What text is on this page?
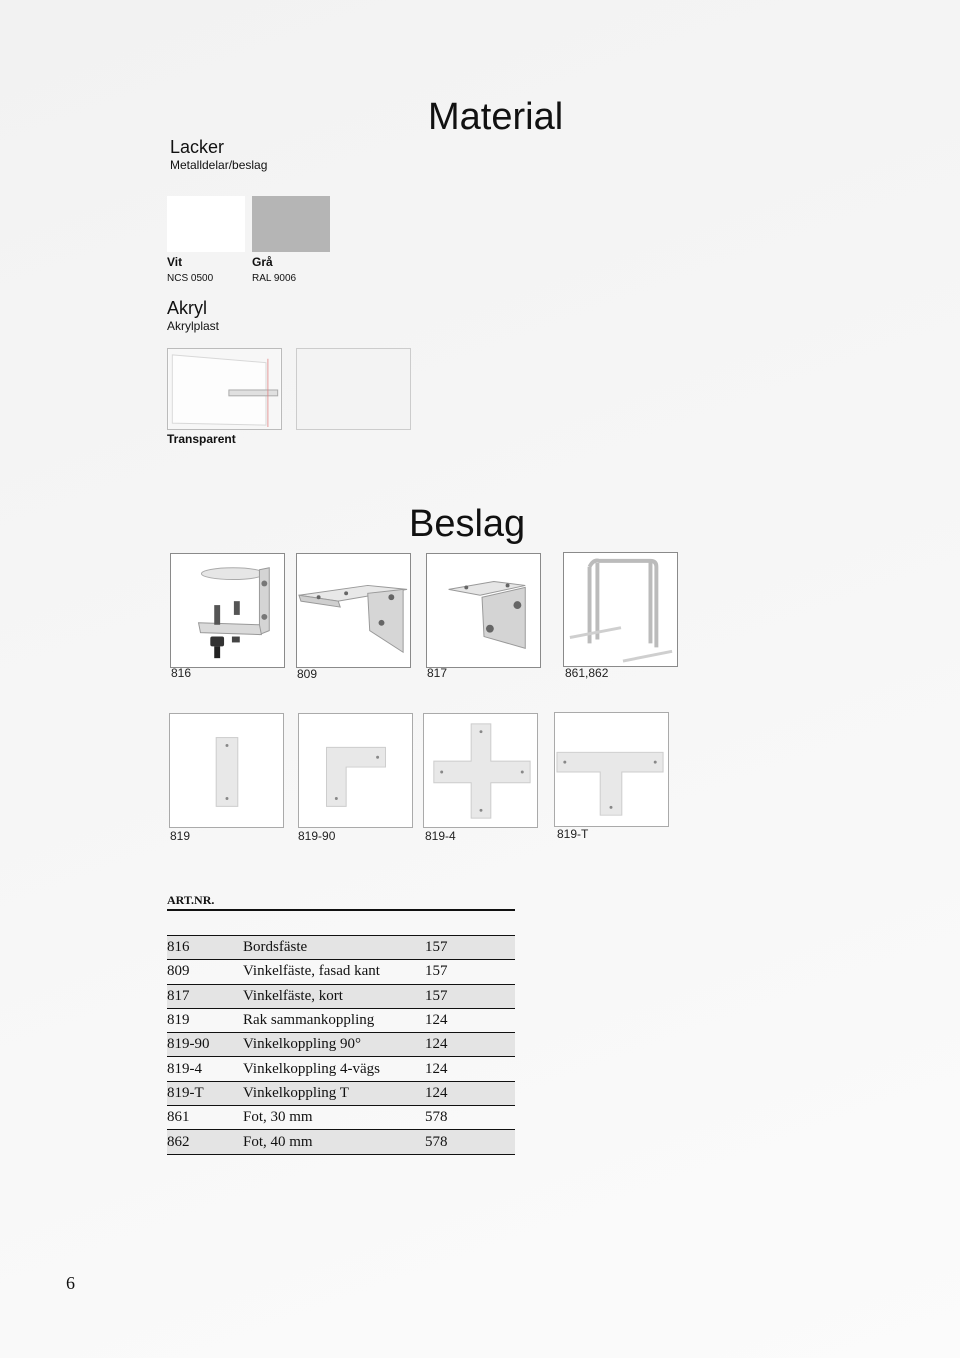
Material
Lacker
Metalldelar/beslag
Vit
NCS 0500
Grå
RAL 9006
Akryl
Akrylplast
Transparent
Beslag
816	809	817	861,862
819	819-90	819-4	819-T
ART.NR.
816	Bordsfäste	157
809	Vinkelfäste, fasad kant	157
817	Vinkelfäste, kort	157
819	Rak sammankoppling	124
819-90	Vinkelkoppling 90°	124
819-4	Vinkelkoppling 4-vägs	124
819-T	Vinkelkoppling T	124
861	Fot, 30 mm	578
862	Fot, 40 mm	578
6
